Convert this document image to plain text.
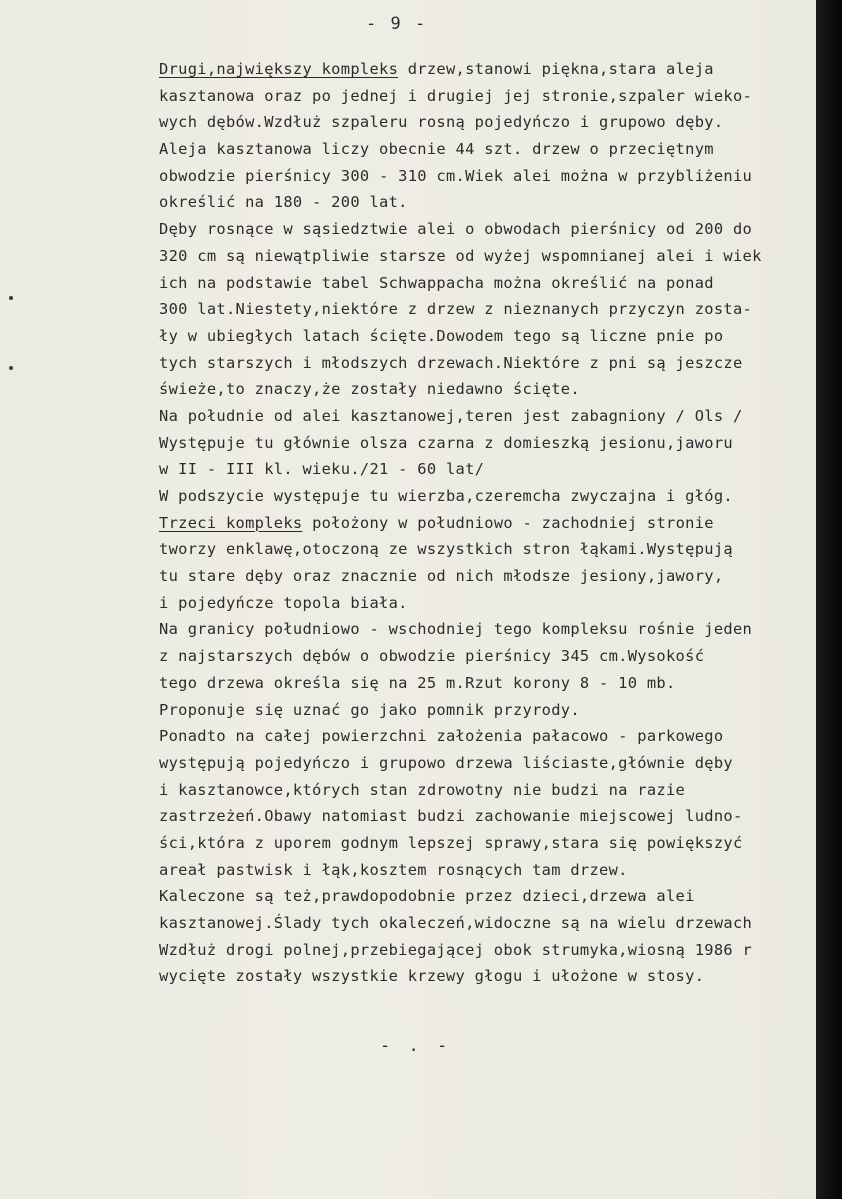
- 9 -
Drugi,największy kompleks drzew,stanowi piękna,stara aleja
kasztanowa oraz po jednej i drugiej jej stronie,szpaler wieko-
wych dębów.Wzdłuż szpaleru rosną pojedyńczo i grupowo dęby.
Aleja kasztanowa liczy obecnie 44 szt. drzew o przeciętnym
obwodzie pierśnicy 300 - 310 cm.Wiek alei można w przybliżeniu
określić na 180 - 200 lat.
Dęby rosnące w sąsiedztwie alei o obwodach pierśnicy od 200 do
320 cm są niewątpliwie starsze od wyżej wspomnianej alei i wiek
ich na podstawie tabel Schwappacha można określić na ponad
300 lat.Niestety,niektóre z drzew z nieznanych przyczyn zosta-
ły w ubiegłych latach ścięte.Dowodem tego są liczne pnie po
tych starszych i młodszych drzewach.Niektóre z pni są jeszcze
świeże,to znaczy,że zostały niedawno ścięte.
Na południe od alei kasztanowej,teren jest zabagniony / Ols /
Występuje tu głównie olsza czarna z domieszką jesionu,jaworu
w II - III kl. wieku./21 - 60 lat/
W podszycie występuje tu wierzba,czeremcha zwyczajna i głóg.
Trzeci kompleks położony w południowo - zachodniej stronie
tworzy enklawę,otoczoną ze wszystkich stron łąkami.Występują
tu stare dęby oraz znacznie od nich młodsze jesiony,jawory,
i pojedyńcze topola biała.
Na granicy południowo - wschodniej tego kompleksu rośnie jeden
z najstarszych dębów o obwodzie pierśnicy 345 cm.Wysokość
tego drzewa określa się na 25 m.Rzut korony 8 - 10 mb.
Proponuje się uznać go jako pomnik przyrody.
Ponadto na całej powierzchni założenia pałacowo - parkowego
występują pojedyńczo i grupowo drzewa liściaste,głównie dęby
i kasztanowce,których stan zdrowotny nie budzi na razie
zastrzeżeń.Obawy natomiast budzi zachowanie miejscowej ludno-
ści,która z uporem godnym lepszej sprawy,stara się powiększyć
areał pastwisk i łąk,kosztem rosnących tam drzew.
Kaleczone są też,prawdopodobnie przez dzieci,drzewa alei
kasztanowej.Ślady tych okaleczeń,widoczne są na wielu drzewach
Wzdłuż drogi polnej,przebiegającej obok strumyka,wiosną 1986 r
wycięte zostały wszystkie krzewy głogu i ułożone w stosy.
- . -
